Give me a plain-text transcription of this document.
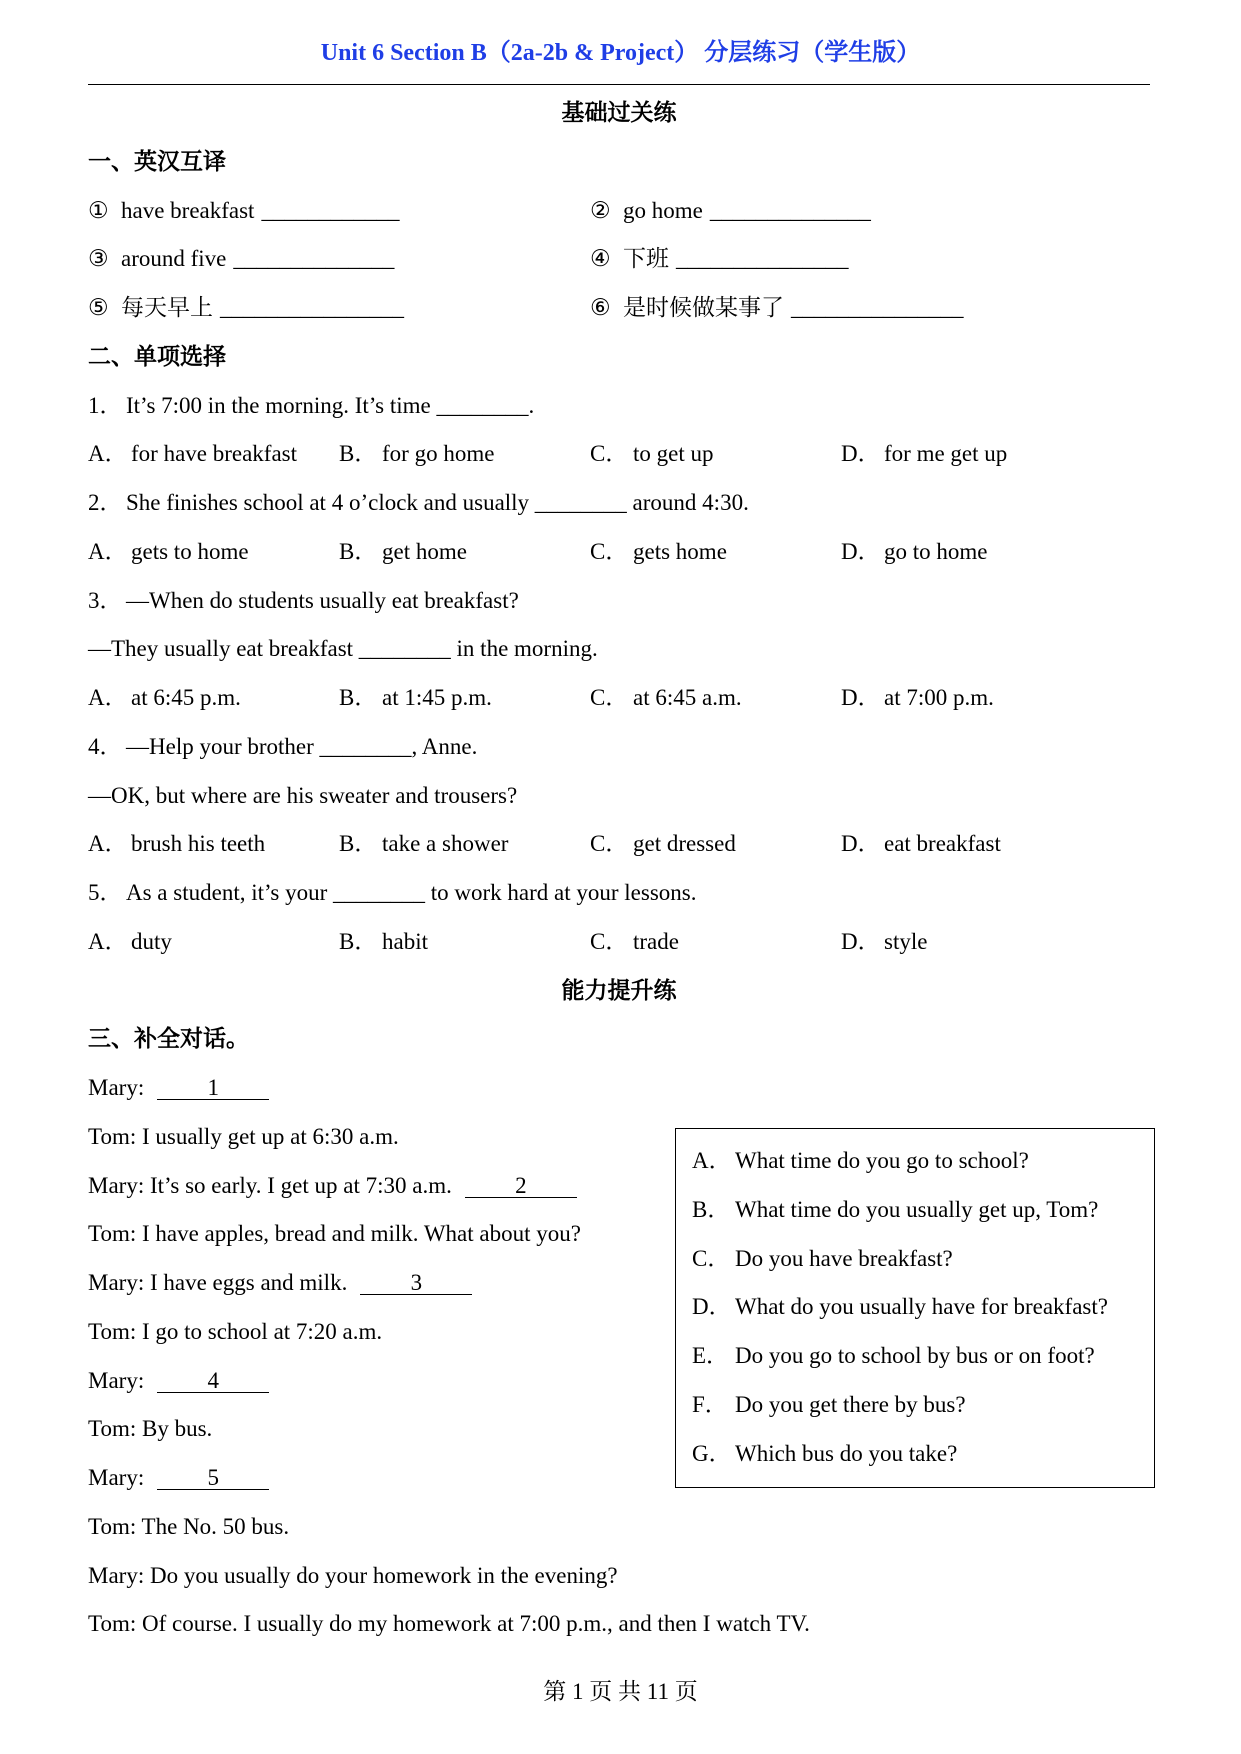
Unit 6 Section B（2a-2b & Project） 分层练习（学生版）
基础过关练
一、英汉互译
① have breakfast ____________	② go home ______________
③ around five ______________	④ 下班 _______________
⑤ 每天早上 ________________	⑥ 是时候做某事了 _______________
二、单项选择
1． It’s 7:00 in the morning. It’s time ________.
A． for have breakfast B． for go home	C． to get up	D． for me get up
2． She finishes school at 4 o’clock and usually ________ around 4:30.
A． gets to home	B． get home	C． gets home	D． go to home
3． —When do students usually eat breakfast?
—They usually eat breakfast ________ in the morning.
A． at 6:45 p.m.	B． at 1:45 p.m.	C． at 6:45 a.m.	D． at 7:00 p.m.
4． —Help your brother ________, Anne.
—OK, but where are his sweater and trousers?
A． brush his teeth	B． take a shower	C． get dressed	D． eat breakfast
5． As a student, it’s your ________ to work hard at your lessons.
A． duty	B． habit	C． trade	D． style
能力提升练
三、补全对话。
Mary:	1
Tom: I usually get up at 6:30 a.m.
Mary: It’s so early. I get up at 7:30 a.m.	2
Tom: I have apples, bread and milk. What about you?
Mary: I have eggs and milk.	3
Tom: I go to school at 7:20 a.m.
Mary:	4
Tom: By bus.
Mary:	5
Tom: The No. 50 bus.
Mary: Do you usually do your homework in the evening?
Tom: Of course. I usually do my homework at 7:00 p.m., and then I watch TV.
A． What time do you go to school?
B． What time do you usually get up, Tom?
C． Do you have breakfast?
D． What do you usually have for breakfast?
E． Do you go to school by bus or on foot?
F． Do you get there by bus?
G． Which bus do you take?
第 1 页 共 11 页
